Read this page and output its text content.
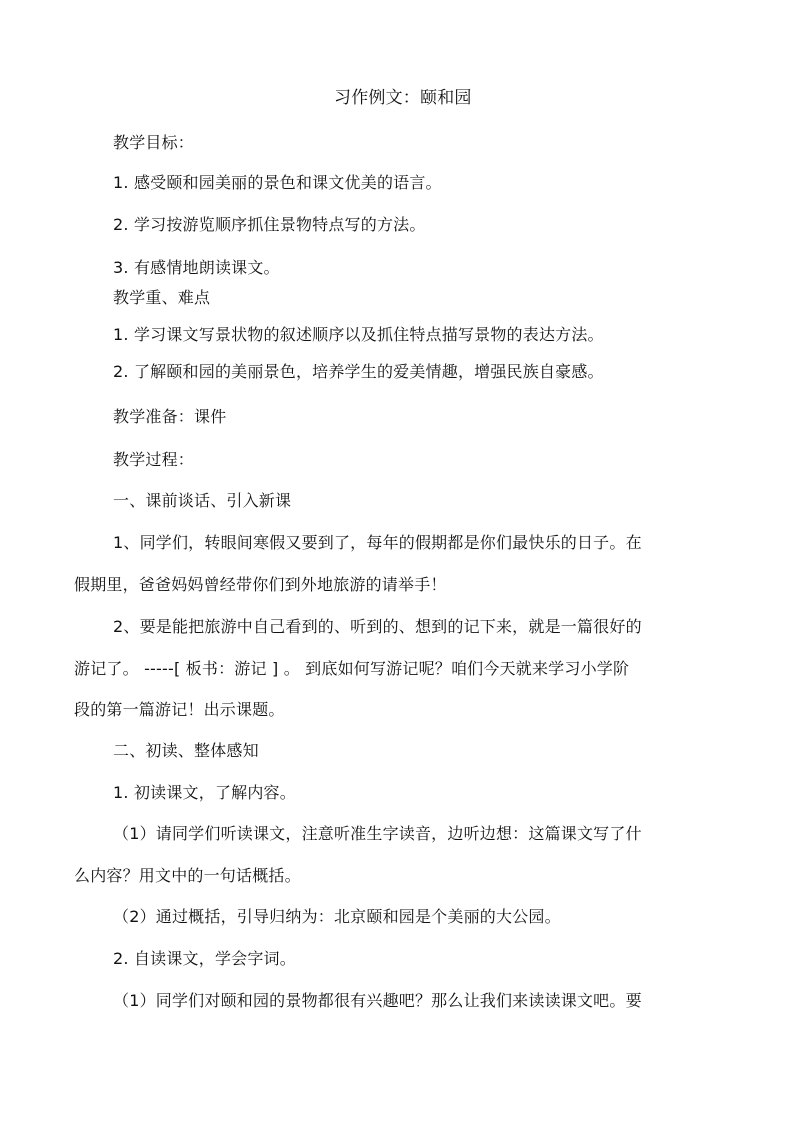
习作例文：颐和园
教学目标：
1. 感受颐和园美丽的景色和课文优美的语言。
2. 学习按游览顺序抓住景物特点写的方法。
3. 有感情地朗读课文。
教学重、难点
1. 学习课文写景状物的叙述顺序以及抓住特点描写景物的表达方法。
2. 了解颐和园的美丽景色，培养学生的爱美情趣，增强民族自豪感。
教学准备：课件
教学过程：
一、课前谈话、引入新课
1、同学们，转眼间寒假又要到了，每年的假期都是你们最快乐的日子。在
假期里，爸爸妈妈曾经带你们到外地旅游的请举手！
2、要是能把旅游中自己看到的、听到的、想到的记下来，就是一篇很好的
游记了。 -----[ 板书：游记 ] 。 到底如何写游记呢？咱们今天就来学习小学阶
段的第一篇游记！出示课题。
二、初读、整体感知
1. 初读课文，了解内容。
（1）请同学们听读课文，注意听准生字读音，边听边想：这篇课文写了什
么内容？用文中的一句话概括。
（2）通过概括，引导归纳为：北京颐和园是个美丽的大公园。
2. 自读课文，学会字词。
（1）同学们对颐和园的景物都很有兴趣吧？那么让我们来读读课文吧。要
